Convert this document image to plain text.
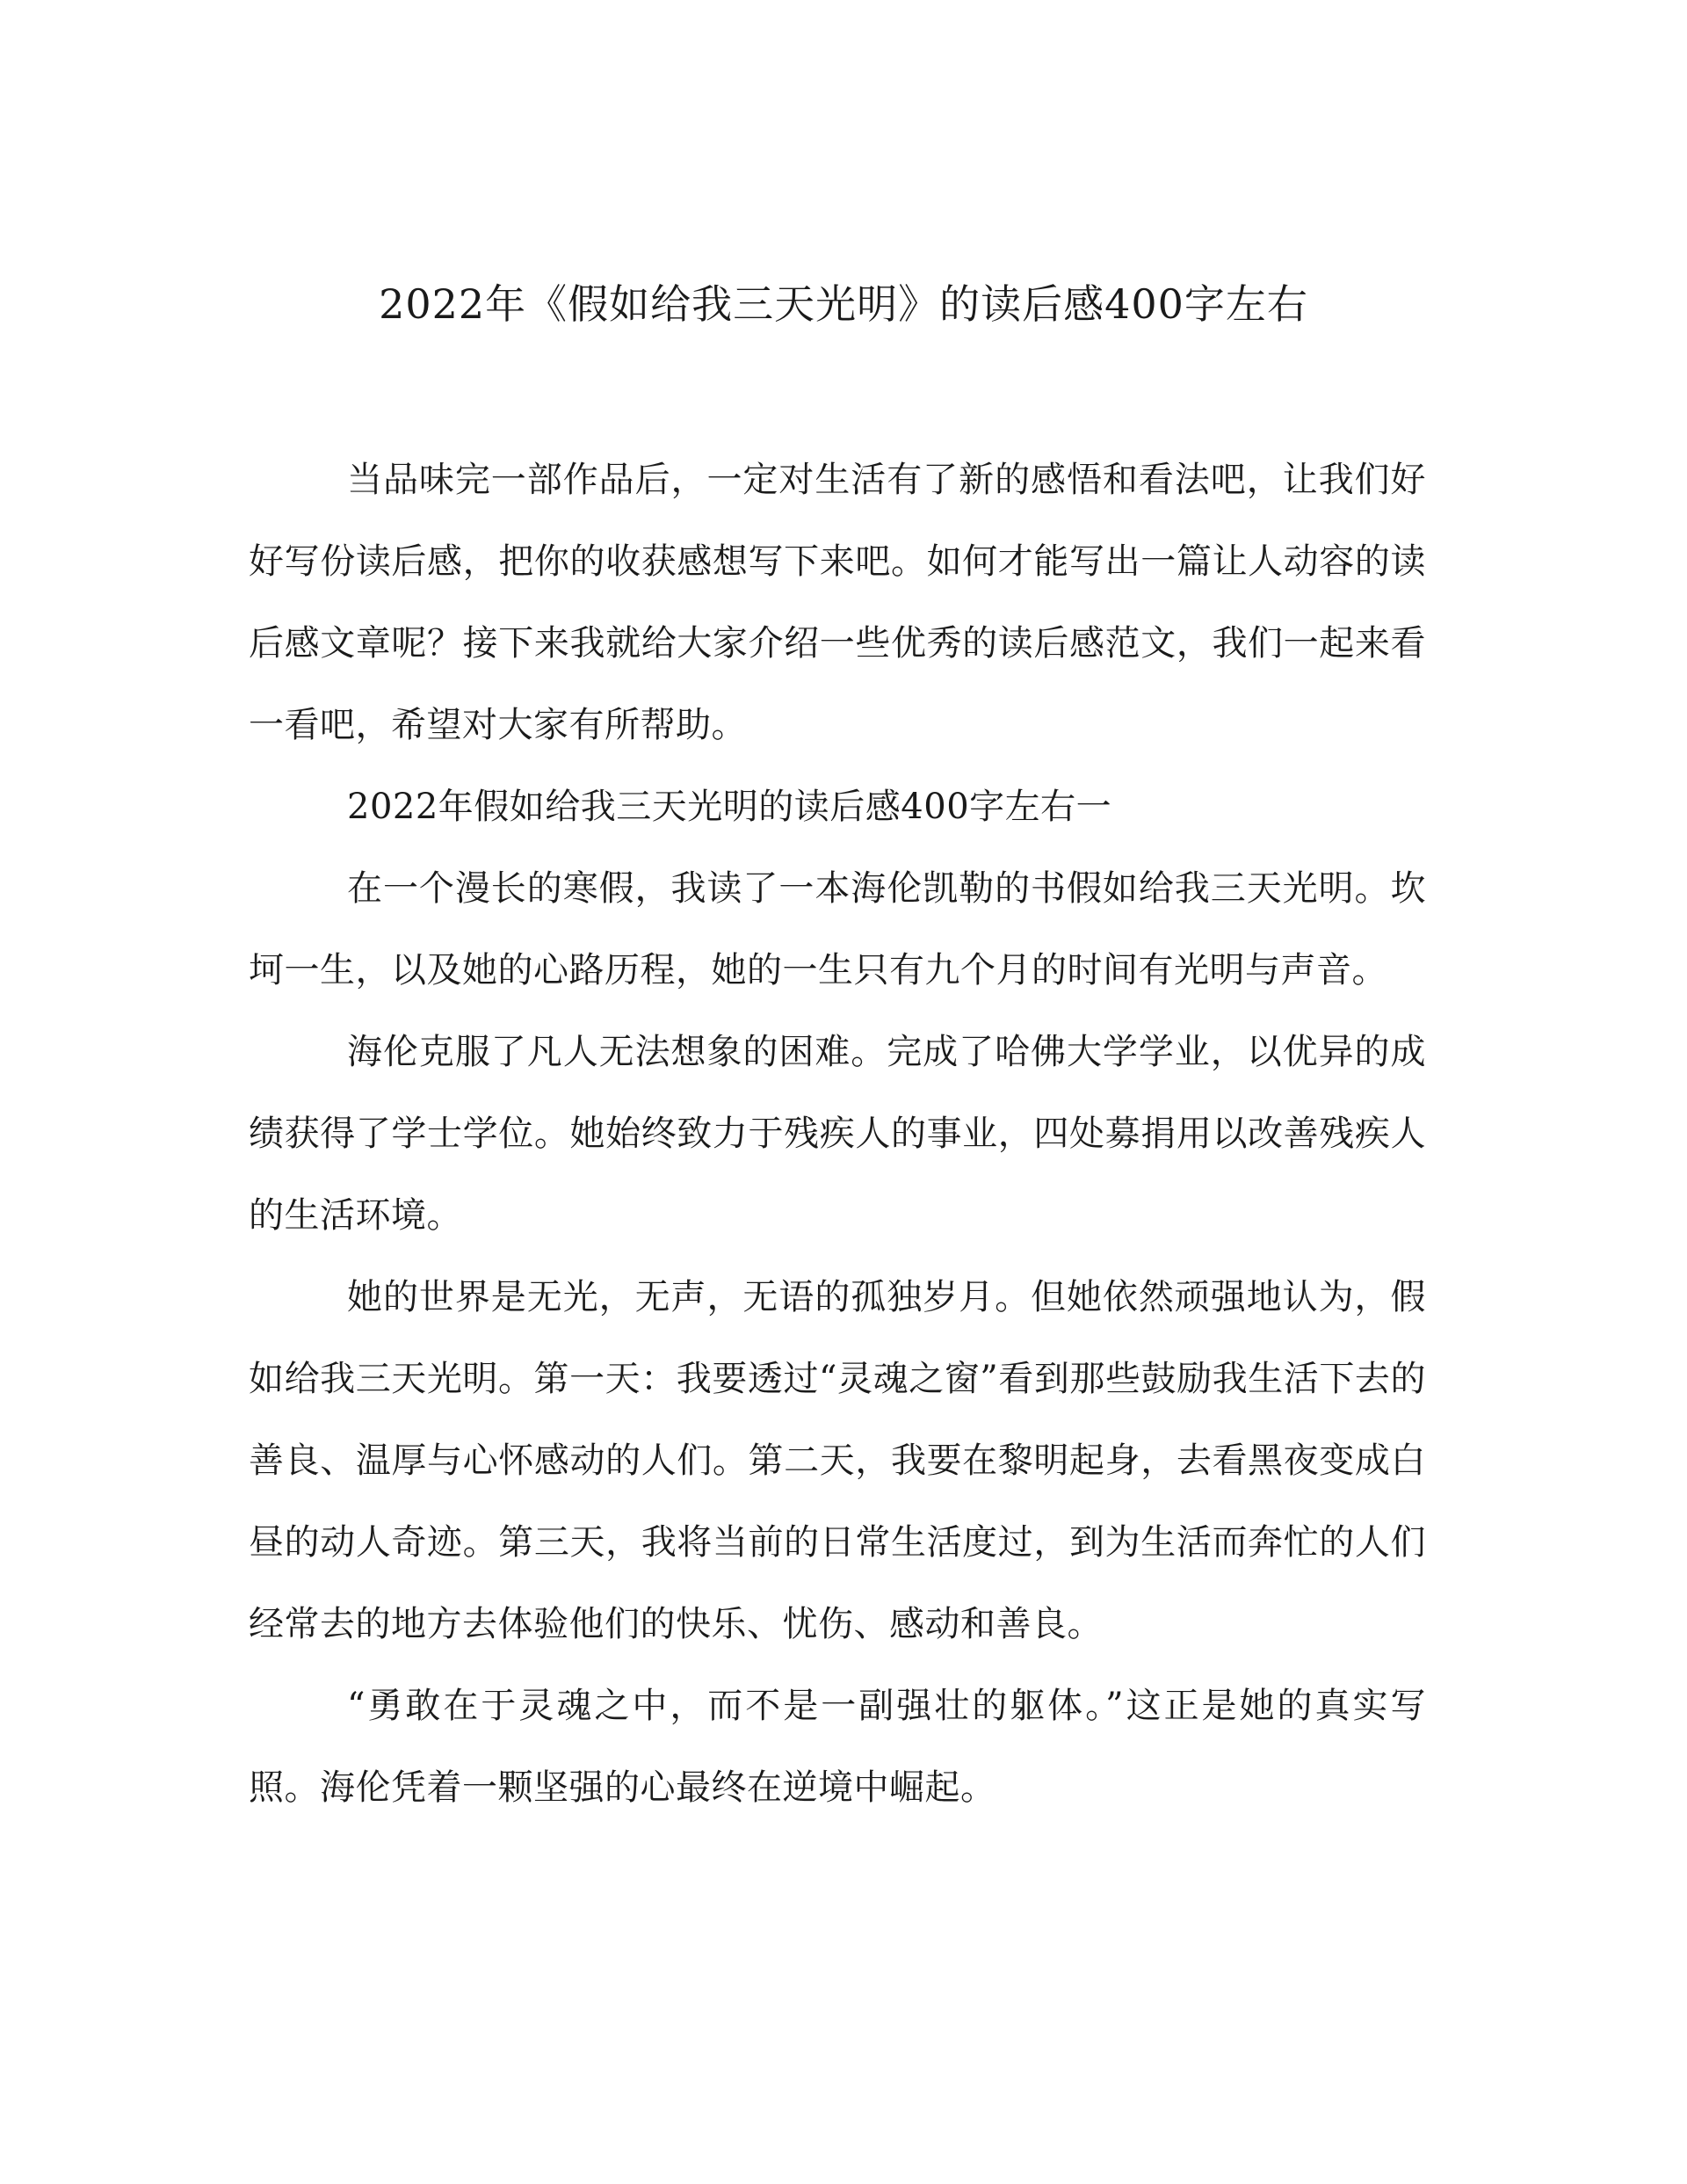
2022年《假如给我三天光明》的读后感400字左右

当品味完一部作品后，一定对生活有了新的感悟和看法吧，让我们好好写份读后感，把你的收获感想写下来吧。如何才能写出一篇让人动容的读后感文章呢？接下来我就给大家介绍一些优秀的读后感范文，我们一起来看一看吧，希望对大家有所帮助。

2022年假如给我三天光明的读后感400字左右一

在一个漫长的寒假，我读了一本海伦凯勒的书假如给我三天光明。坎坷一生，以及她的心路历程，她的一生只有九个月的时间有光明与声音。

海伦克服了凡人无法想象的困难。完成了哈佛大学学业，以优异的成绩获得了学士学位。她始终致力于残疾人的事业，四处募捐用以改善残疾人的生活环境。

她的世界是无光，无声，无语的孤独岁月。但她依然顽强地认为，假如给我三天光明。第一天：我要透过“灵魂之窗”看到那些鼓励我生活下去的善良、温厚与心怀感动的人们。第二天，我要在黎明起身，去看黑夜变成白昼的动人奇迹。第三天，我将当前的日常生活度过，到为生活而奔忙的人们经常去的地方去体验他们的快乐、忧伤、感动和善良。

“勇敢在于灵魂之中，而不是一副强壮的躯体。”这正是她的真实写照。海伦凭着一颗坚强的心最终在逆境中崛起。
